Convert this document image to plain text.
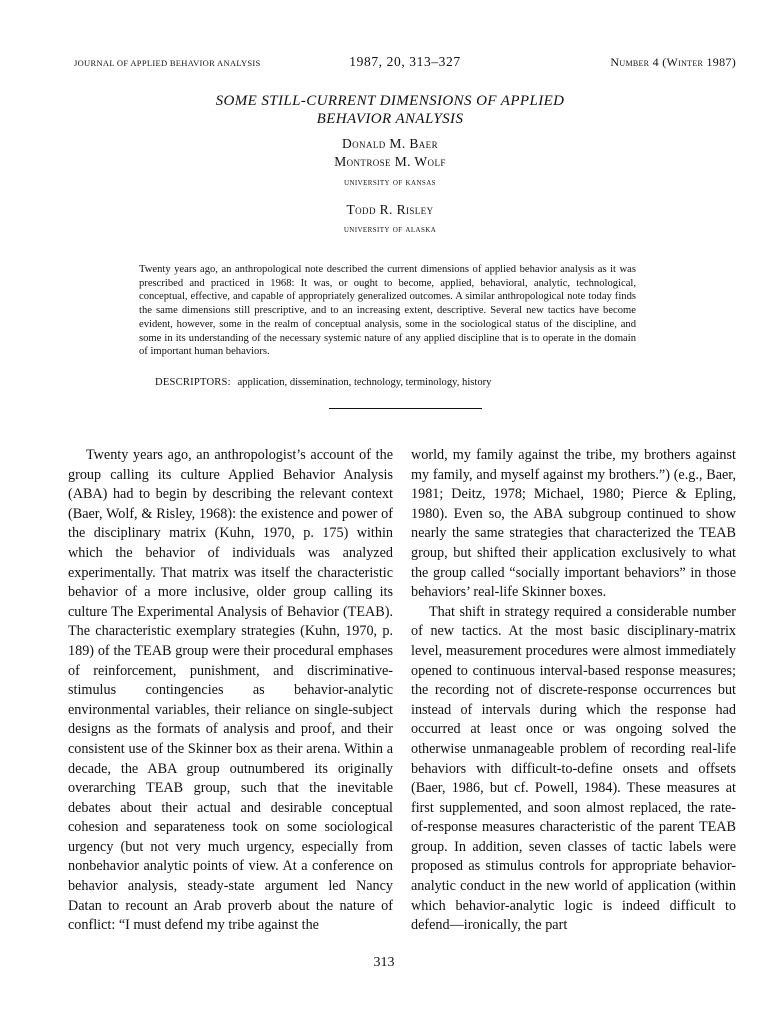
JOURNAL OF APPLIED BEHAVIOR ANALYSIS	1987, 20, 313–327	Number 4 (Winter 1987)
SOME STILL-CURRENT DIMENSIONS OF APPLIED
BEHAVIOR ANALYSIS
Donald M. Baer
Montrose M. Wolf
university of kansas
Todd R. Risley
university of alaska

Twenty years ago, an anthropological note described the current dimensions of applied behavior analysis as it was prescribed and practiced in 1968: It was, or ought to become, applied, behavioral, analytic, technological, conceptual, effective, and capable of appropriately generalized outcomes. A similar anthropological note today finds the same dimensions still prescriptive, and to an increasing extent, descriptive. Several new tactics have become evident, however, some in the realm of conceptual analysis, some in the sociological status of the discipline, and some in its understanding of the necessary systemic nature of any applied discipline that is to operate in the domain of important human behaviors.

DESCRIPTORS: application, dissemination, technology, terminology, history

Twenty years ago, an anthropologist’s account of the group calling its culture Applied Behavior Analysis (ABA) had to begin by describing the relevant context (Baer, Wolf, & Risley, 1968): the existence and power of the disciplinary matrix (Kuhn, 1970, p. 175) within which the behavior of individuals was analyzed experimentally. That matrix was itself the characteristic behavior of a more inclusive, older group calling its culture The Experimental Analysis of Behavior (TEAB). The characteristic exemplary strategies (Kuhn, 1970, p. 189) of the TEAB group were their procedural emphases of reinforcement, punishment, and discriminative-stimulus contingencies as behavior-analytic environmental variables, their reliance on single-subject designs as the formats of analysis and proof, and their consistent use of the Skinner box as their arena. Within a decade, the ABA group outnumbered its originally overarching TEAB group, such that the inevitable debates about their actual and desirable conceptual cohesion and separateness took on some sociological urgency (but not very much urgency, especially from nonbehavior analytic points of view. At a conference on behavior analysis, steady-state argument led Nancy Datan to recount an Arab proverb about the nature of conflict: “I must defend my tribe against the

world, my family against the tribe, my brothers against my family, and myself against my brothers.”) (e.g., Baer, 1981; Deitz, 1978; Michael, 1980; Pierce & Epling, 1980). Even so, the ABA subgroup continued to show nearly the same strategies that characterized the TEAB group, but shifted their application exclusively to what the group called “socially important behaviors” in those behaviors’ real-life Skinner boxes.

That shift in strategy required a considerable number of new tactics. At the most basic disciplinary-matrix level, measurement procedures were almost immediately opened to continuous interval-based response measures; the recording not of discrete-response occurrences but instead of intervals during which the response had occurred at least once or was ongoing solved the otherwise unmanageable problem of recording real-life behaviors with difficult-to-define onsets and offsets (Baer, 1986, but cf. Powell, 1984). These measures at first supplemented, and soon almost replaced, the rate-of-response measures characteristic of the parent TEAB group. In addition, seven classes of tactic labels were proposed as stimulus controls for appropriate behavior-analytic conduct in the new world of application (within which behavior-analytic logic is indeed difficult to defend—ironically, the part

313
